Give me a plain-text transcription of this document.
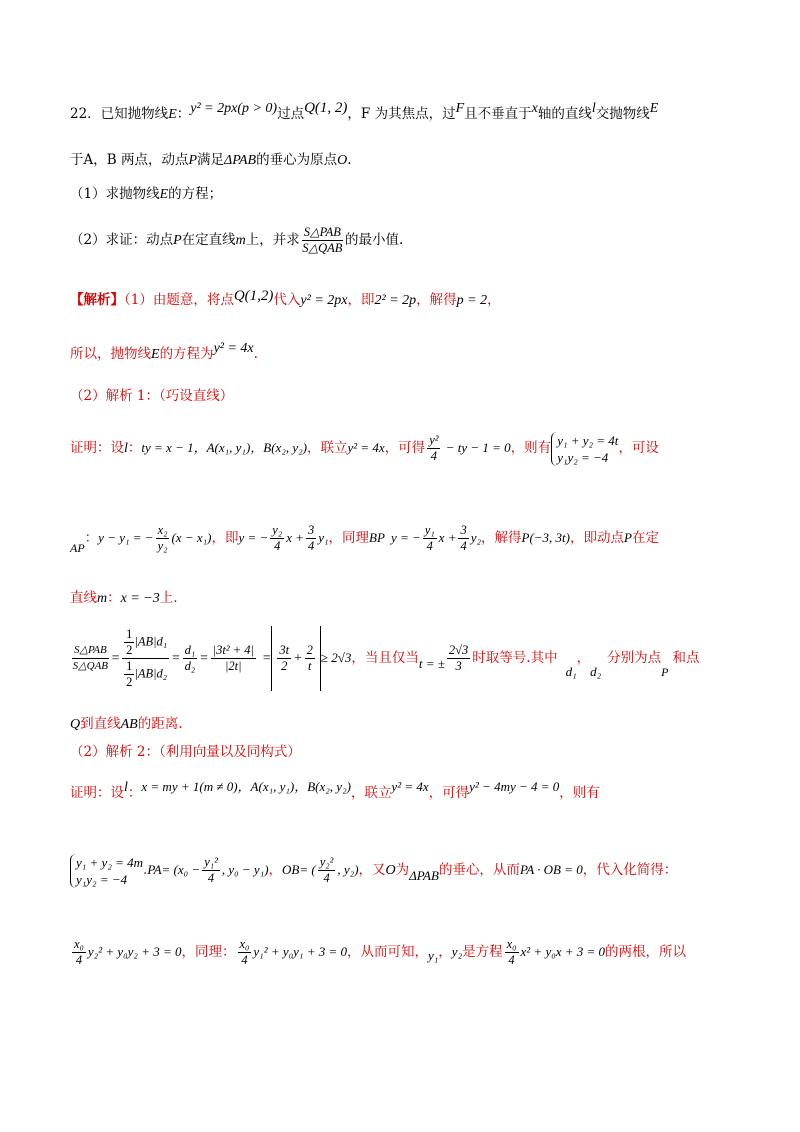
22．已知抛物线E：y² = 2px(p > 0)过点Q(1, 2)，F 为其焦点，过F且不垂直于x轴的直线l交抛物线E
于A，B 两点，动点P满足ΔPAB的垂心为原点O.
（1）求抛物线E的方程；
（2）求证：动点P在定直线m上，并求 $\frac{\text{S△PAB}}{\text{S△QAB}}$ 的最小值.
【解析】（1）由题意，将点Q(1,2)代入y² = 2px，即2² = 2p，解得p = 2，
所以，抛物线E的方程为y² = 4x.
（2）解析 1：（巧设直线）
证明：设l：ty = x − 1，A(x₁, y₁)，B(x₂, y₂)，联立y² = 4x，可得 $\frac{\text{y²}}{4}$ − ty − 1 = 0，则有 y₁ + y₂ = 4t
y₁y₂ = −4
，可设
AP：y − y₁ = − $\frac{\text{x₂}}{\text{y₂}} (x - x_1)$，即y = − $\frac{\text{y₂}}{4}$ $x + \frac{3}{4} y_1$，同理BP y = − $\frac{\text{y₁}}{4}$ $x + \frac{3}{4} y_2$，解得P(−3, 3t)，即动点P在定
直线m：x = −3上.
$\frac{\text{S△PAB}}{\text{S△QAB}} = \frac{\frac{1}{2} |AB|d_1}{\frac{1}{2} |AB|d_2} = \frac{\text{d₁}}{\text{d₂}} = \frac{\text{|3t² + 4|}}{|2t|} = \frac{3t}{2} + \frac{2}{t} \ge 2√3$，当且仅当t = ± $\frac{2√3}{3}$ 时取等号.其中d₁，d₂分别为点P和点
Q到直线AB的距离.
（2）解析 2：（利用向量以及同构式）
证明：设l：x = my + 1(m ≠ 0)，A(x₁, y₁)，B(x₂, y₂)，联立y² = 4x，可得y² − 4my − 4 = 0，则有
y₁ + y₂ = 4m
y₁y₂ = −4
$.PA= (x_0 - \frac{\text{y₁²}}{4}$ , y₀ − y₁)，OB= ( $\frac{\text{y₂²}}{4}$ , y₂)，又O为ΔPAB的垂心，从而PA · OB = 0，代入化简得：
$\frac{\text{x₀}}{4} y_2^2 + y_0y_2 + 3 = 0$，同理： $\frac{\text{x₀}}{4} y_1^2 + y_0y_1 + 3 = 0$，从而可知，y₁，y₂是方程 $\frac{\text{x₀}}{4} x^2 + y_0x + 3 = 0$的两根，所以
